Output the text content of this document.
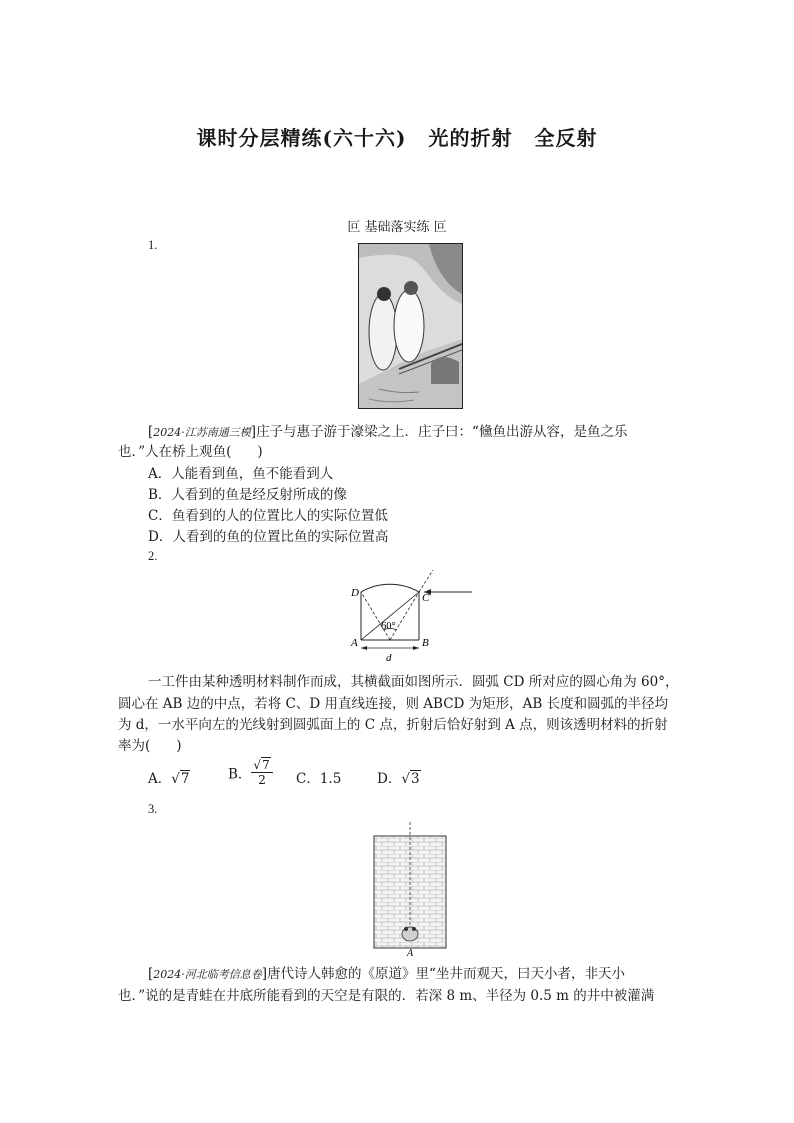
课时分层精练(六十六) 光的折射 全反射
叵 基础落实练 叵
1.
[2024·江苏南通三模]庄子与惠子游于濠梁之上．庄子曰：“儵鱼出游从容，是鱼之乐
也．”人在桥上观鱼( )
A．人能看到鱼，鱼不能看到人
B．人看到的鱼是经反射所成的像
C．鱼看到的人的位置比人的实际位置低
D．人看到的鱼的位置比鱼的实际位置高
2.
D	C
A	B
60°
d
一工件由某种透明材料制作而成，其横截面如图所示．圆弧 CD 所对应的圆心角为 60°，
圆心在 AB 边的中点，若将 C、D 用直线连接，则 ABCD 为矩形，AB 长度和圆弧的半径均
为 d，一水平向左的光线射到圆弧面上的 C 点，折射后恰好射到 A 点，则该透明材料的折射
率为( )
A．√7	B． $\frac{√7}{2}$ C．1.5	D．√3
3.
A
[2024·河北临考信息卷]唐代诗人韩愈的《原道》里“坐井而观天，曰天小者，非天小
也．”说的是青蛙在井底所能看到的天空是有限的．若深 8 m、半径为 0.5 m 的井中被灌满
